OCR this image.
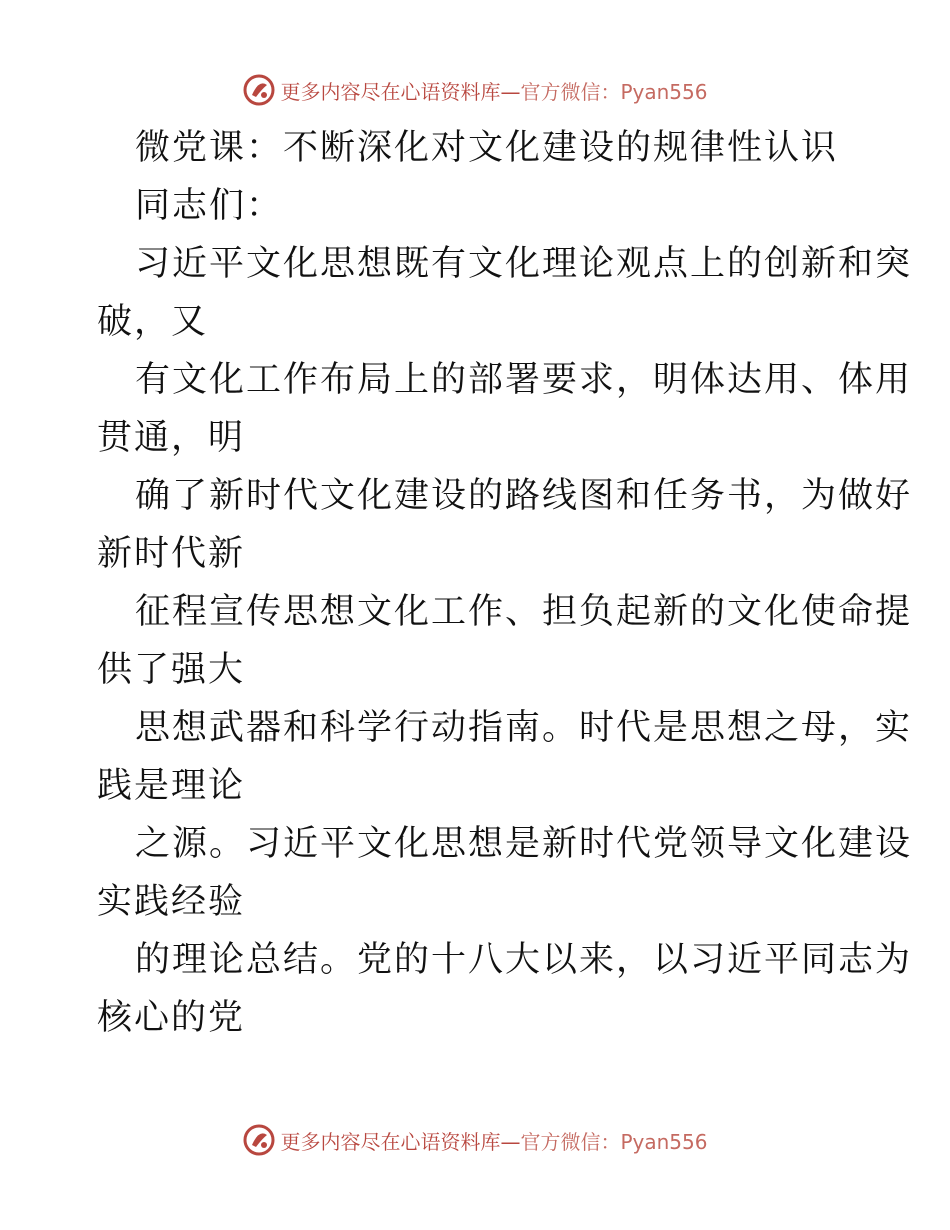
更多内容尽在心语资料库—官方微信：Pyan556
微党课：不断深化对文化建设的规律性认识
同志们：
习近平文化思想既有文化理论观点上的创新和突
破，又
有文化工作布局上的部署要求，明体达用、体用
贯通，明
确了新时代文化建设的路线图和任务书，为做好
新时代新
征程宣传思想文化工作、担负起新的文化使命提
供了强大
思想武器和科学行动指南。时代是思想之母，实
践是理论
之源。习近平文化思想是新时代党领导文化建设
实践经验
的理论总结。党的十八大以来，以习近平同志为
核心的党
更多内容尽在心语资料库—官方微信：Pyan556
